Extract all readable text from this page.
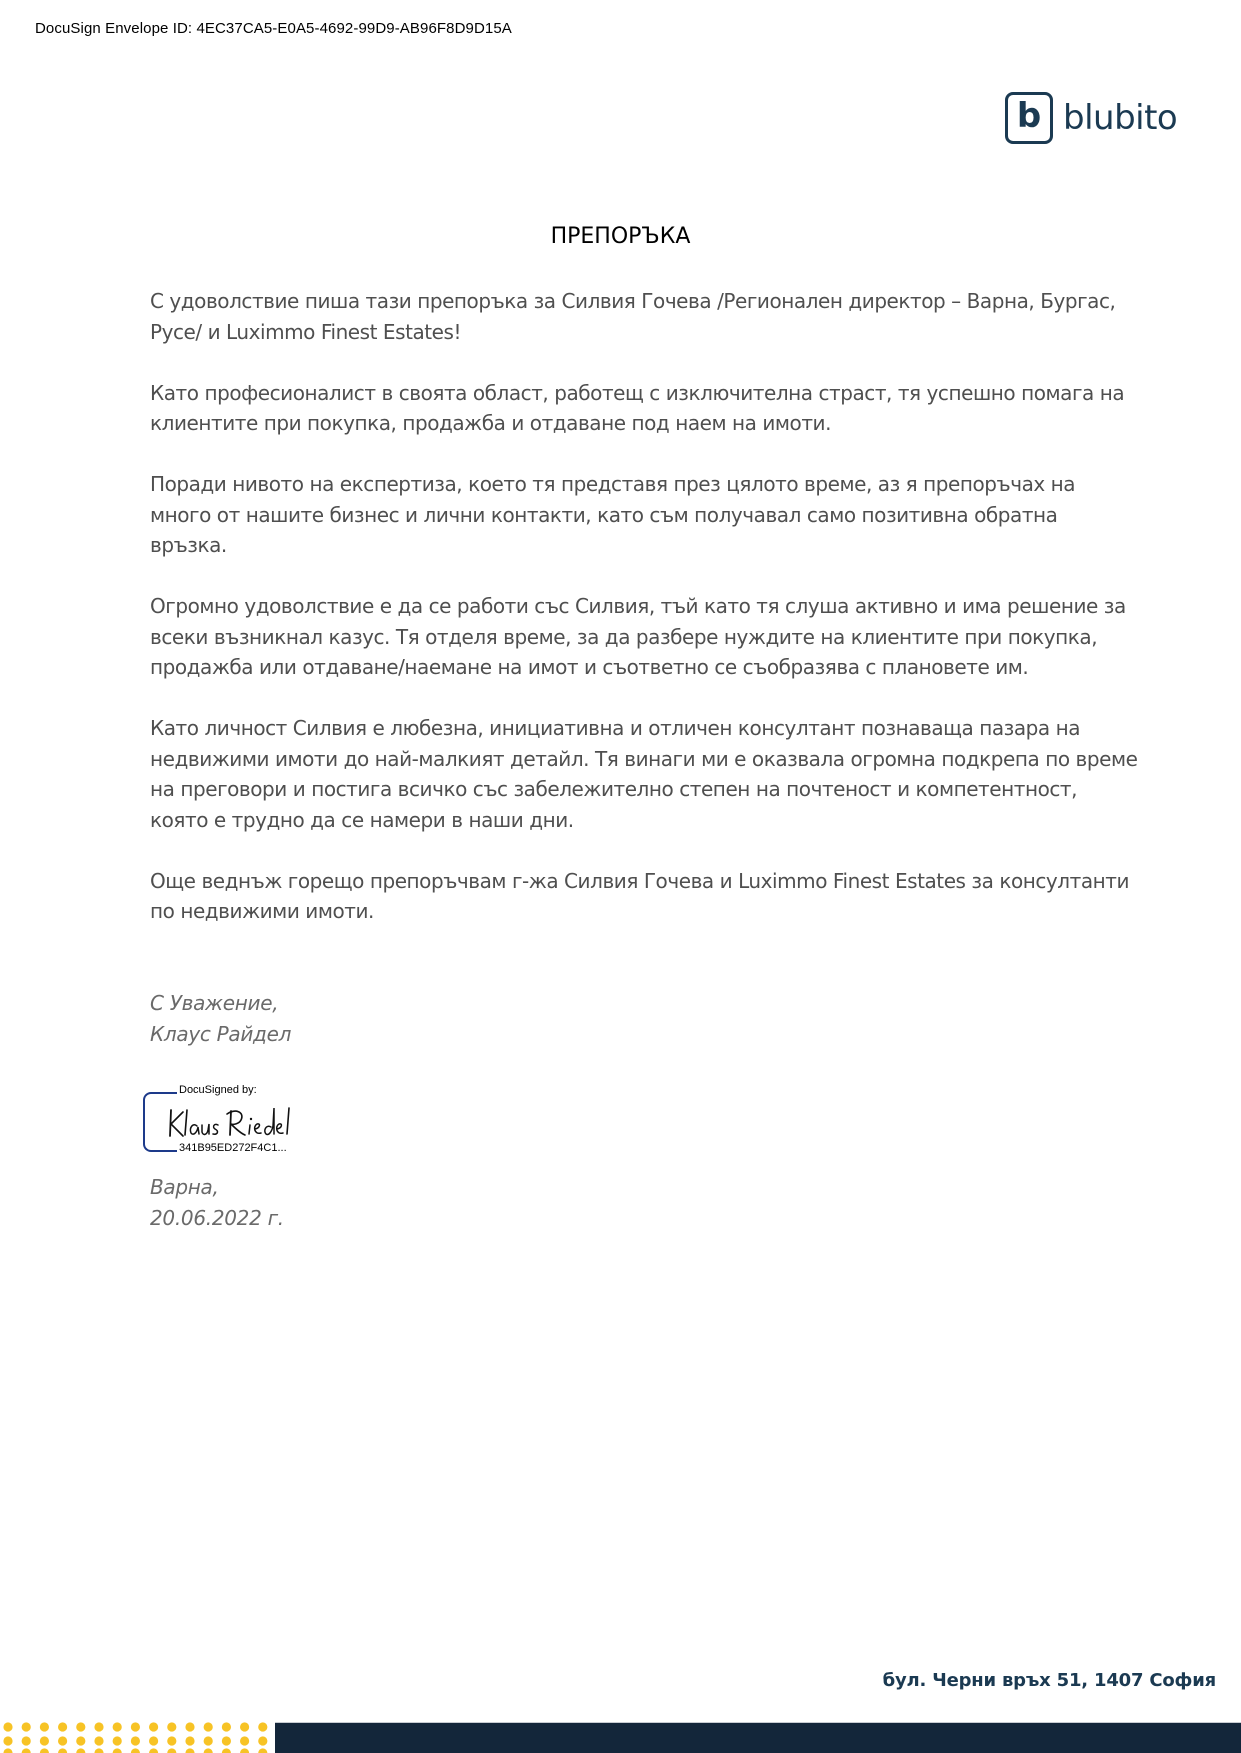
DocuSign Envelope ID: 4EC37CA5-E0A5-4692-99D9-AB96F8D9D15A
b blubito
ПРЕПОРЪКА

С удоволствие пиша тази препоръка за Силвия Гочева /Регионален директор – Варна, Бургас, Русе/ и Luximmo Finest Estates!

Като професионалист в своята област, работещ с изключителна страст, тя успешно помага на клиентите при покупка, продажба и отдаване под наем на имоти.

Поради нивото на експертиза, което тя представя през цялото време, аз я препоръчах на много от нашите бизнес и лични контакти, като съм получавал само позитивна обратна връзка.

Огромно удоволствие е да се работи със Силвия, тъй като тя слуша активно и има решение за всеки възникнал казус. Тя отделя време, за да разбере нуждите на клиентите при покупка, продажба или отдаване/наемане на имот и съответно се съобразява с плановете им.

Като личност Силвия е любезна, инициативна и отличен консултант познаваща пазара на недвижими имоти до най-малкият детайл. Тя винаги ми е оказвала огромна подкрепа по време на преговори и постига всичко със забележително степен на почтеност и компетентност, която е трудно да се намери в наши дни.

Още веднъж горещо препоръчвам г-жа Силвия Гочева и Luximmo Finest Estates за консултанти по недвижими имоти.

С Уважение,
Клаус Райдел
DocuSigned by:
341B95ED272F4C1...
Варна,
20.06.2022 г.
бул. Черни връх 51, 1407 София
